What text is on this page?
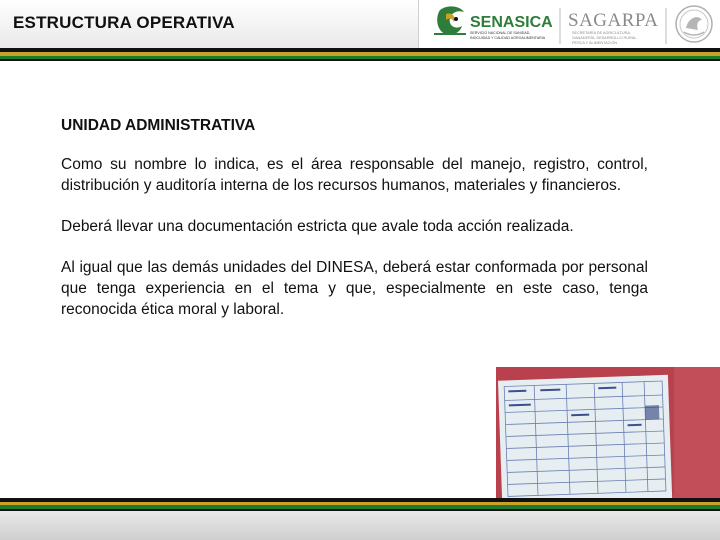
ESTRUCTURA OPERATIVA	SENASICA
SERVICIO NACIONAL DE SANIDAD,
INOCUIDAD Y CALIDAD AGROALIMENTARIA
SAGARPA
SECRETARÍA DE AGRICULTURA,
GANADERÍA, DESARROLLO RURAL,
PESCA Y ALIMENTACIÓN
UNIDAD ADMINISTRATIVA

Como su nombre lo indica, es el área responsable del manejo, registro, control, distribución y auditoría interna de los recursos humanos, materiales y financieros.

Deberá llevar una documentación estricta que avale toda acción realizada.

Al igual que las demás unidades del DINESA, deberá estar conformada por personal que tenga experiencia en el tema y que, especialmente en este caso, tenga reconocida ética moral y laboral.
